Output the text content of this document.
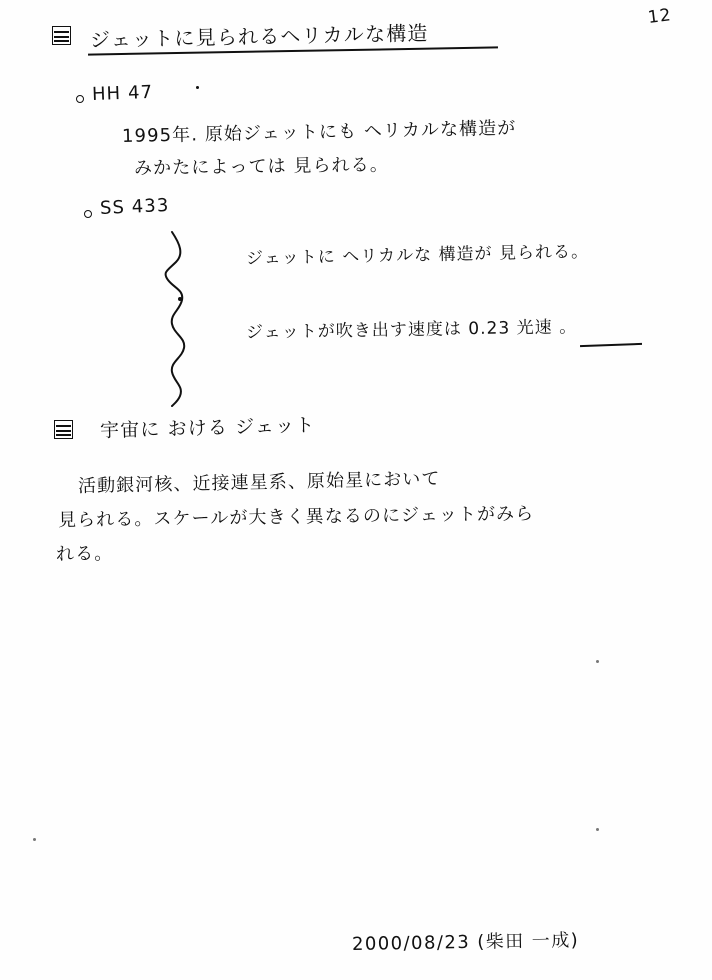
12
ジェットに見られるヘリカルな構造
HH 47
1995年. 原始ジェットにも ヘリカルな構造が
みかたによっては 見られる。
SS 433
ジェットに ヘリカルな 構造が 見られる。
ジェットが吹き出す速度は 0.23 光速 。
宇宙に おける ジェット
活動銀河核、近接連星系、原始星において
見られる。スケールが大きく異なるのにジェットがみら
れる。
2000/08/23 (柴田 一成)
